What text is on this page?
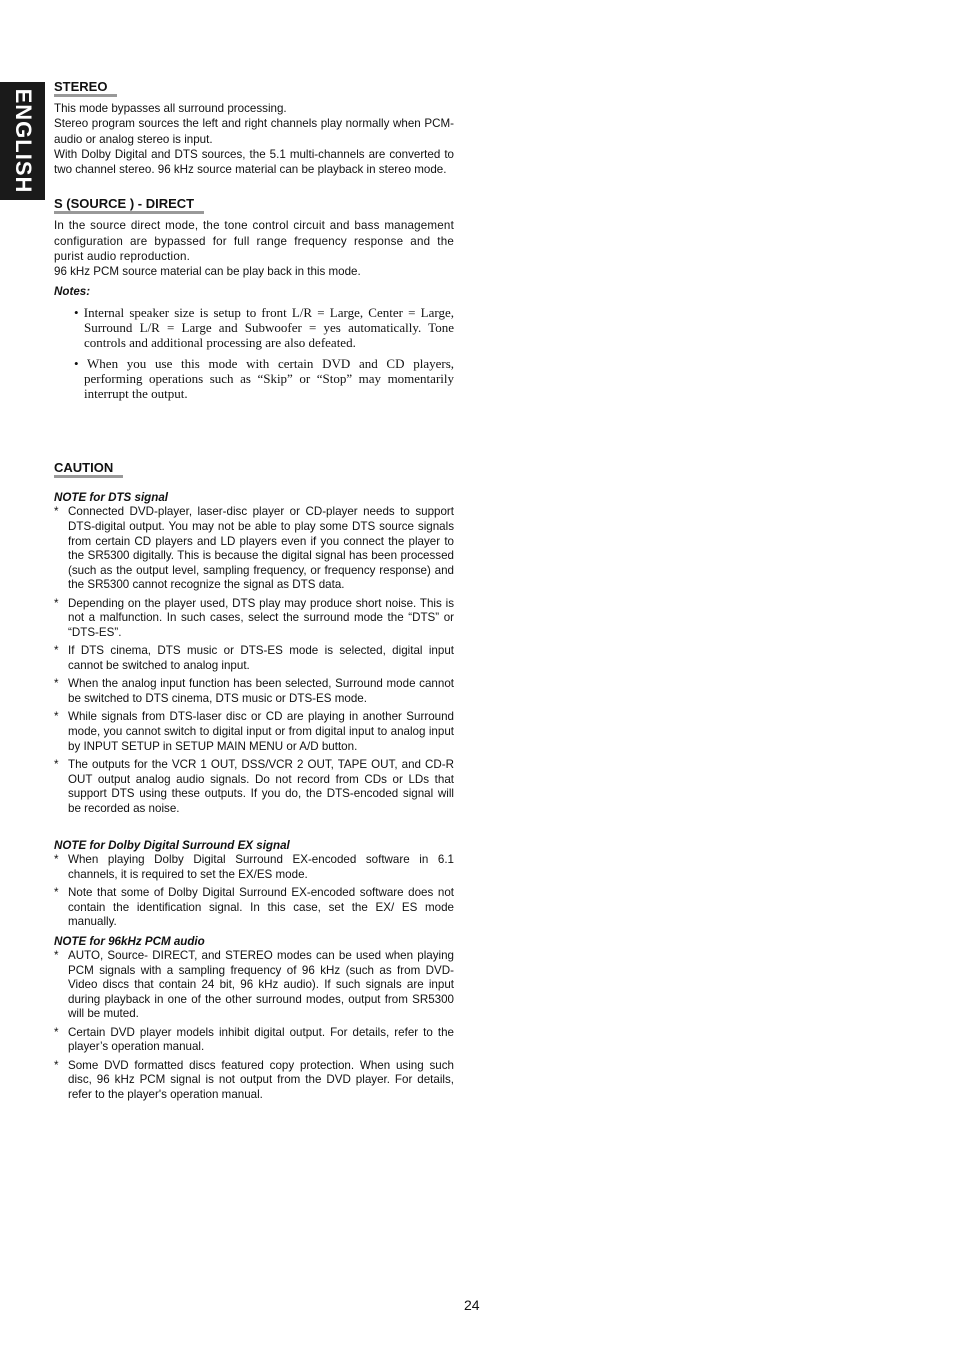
ENGLISH
STEREO

This mode bypasses all surround processing.

Stereo program sources the left and right channels play normally when PCM-audio or analog stereo is input.

With Dolby Digital and DTS sources, the 5.1 multi-channels are converted to two channel stereo. 96 kHz source material can be playback in stereo mode.

S (SOURCE ) - DIRECT

In the source direct mode, the tone control circuit and bass management configuration are bypassed for full range frequency response and the purist audio reproduction.

96 kHz PCM source material can be play back in this mode.

Notes:
• Internal speaker size is setup to front L/R = Large, Center = Large, Surround L/R = Large and Subwoofer = yes automatically. Tone controls and additional processing are also defeated.
• When you use this mode with certain DVD and CD players, performing operations such as “Skip” or “Stop” may momentarily interrupt the output.
CAUTION
NOTE for DTS signal
* Connected DVD-player, laser-disc player or CD-player needs to support DTS-digital output. You may not be able to play some DTS source signals from certain CD players and LD players even if you connect the player to the SR5300 digitally. This is because the digital signal has been processed (such as the output level, sampling frequency, or frequency response) and the SR5300 cannot recognize the signal as DTS data.
* Depending on the player used, DTS play may produce short noise. This is not a malfunction. In such cases, select the surround mode the “DTS” or “DTS-ES”.
* If DTS cinema, DTS music or DTS-ES mode is selected, digital input cannot be switched to analog input.
* When the analog input function has been selected, Surround mode cannot be switched to DTS cinema, DTS music or DTS-ES mode.
* While signals from DTS-laser disc or CD are playing in another Surround mode, you cannot switch to digital input or from digital input to analog input by INPUT SETUP in SETUP MAIN MENU or A/D button.
* The outputs for the VCR 1 OUT, DSS/VCR 2 OUT, TAPE OUT, and CD-R OUT output analog audio signals. Do not record from CDs or LDs that support DTS using these outputs. If you do, the DTS-encoded signal will be recorded as noise.
NOTE for Dolby Digital Surround EX signal
* When playing Dolby Digital Surround EX-encoded software in 6.1 channels, it is required to set the EX/ES mode.
* Note that some of Dolby Digital Surround EX-encoded software does not contain the identification signal. In this case, set the EX/ ES mode manually.
NOTE for 96kHz PCM audio
* AUTO, Source- DIRECT, and STEREO modes can be used when playing PCM signals with a sampling frequency of 96 kHz (such as from DVD-Video discs that contain 24 bit, 96 kHz audio). If such signals are input during playback in one of the other surround modes, output from SR5300 will be muted.
* Certain DVD player models inhibit digital output. For details, refer to the player’s operation manual.
* Some DVD formatted discs featured copy protection. When using such disc, 96 kHz PCM signal is not output from the DVD player. For details, refer to the player's operation manual.
24
